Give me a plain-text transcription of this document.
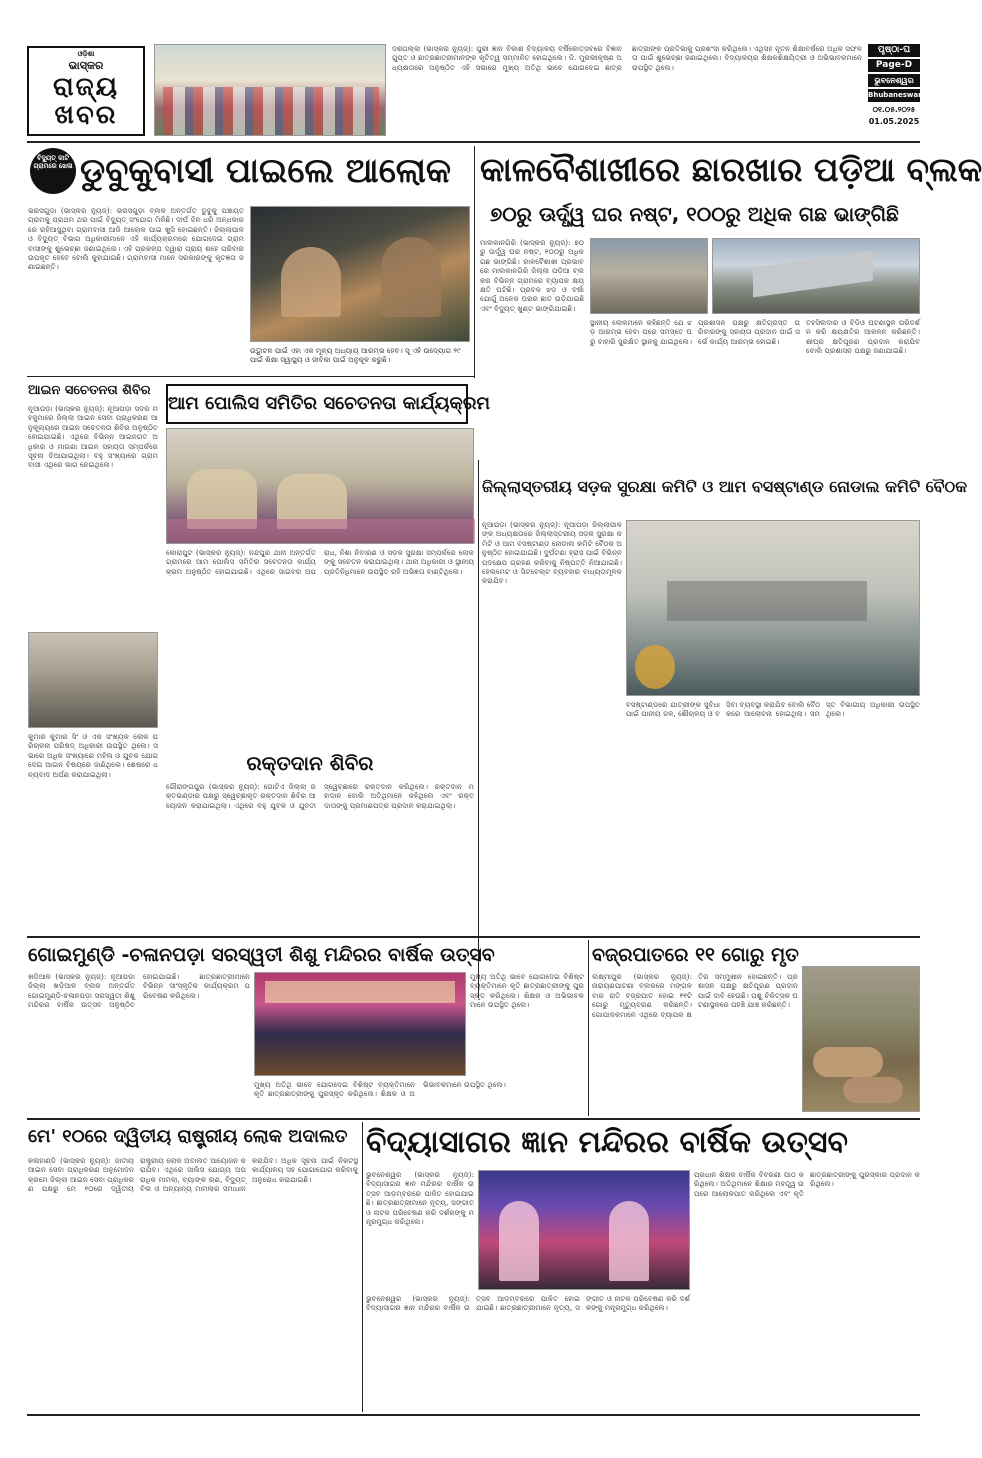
ଓଡ଼ିଶା
ଭାସ୍କର
ରାଜ୍ୟ
ଖବର
ଦଶପଲ୍ଲା (ଭାସ୍କର ନ୍ୟୁଜ୍): ପୁରୀ ଜ୍ଞାନ ବିକାଶ ବିଦ୍ୟାଳୟ ବର୍ଷିକୋତ୍ସବରେ ବିଜ୍ଞାନ ଗୁପ୍ତ ଓ ଛାତ୍ରଛାତ୍ରୀମାନଙ୍କ କୃତିତ୍ୱ ସମ୍ମାନିତ ହୋଇଥିଲେ। ଡି. ମୁରଲୀକୃଷ୍ଣ ଅଧ୍ୟକ୍ଷତାରେ ଅନୁଷ୍ଠିତ ଏହି ସଭାରେ ମୁଖ୍ୟ ଅତିଥି ଭାବେ ଯୋଗଦେଇ ଛାତ୍ରଛାତ୍ରୀଙ୍କ ପ୍ରତିଭାକୁ ପ୍ରଶଂସା କରିଥିଲେ। ଏଥିସହ ନୂତନ ଶିକ୍ଷାବର୍ଷରେ ଅଧିକ ସଫଳତା ପାଇଁ ଶୁଭେଚ୍ଛା ଜଣାଇଥିଲେ। ବିଦ୍ୟାଳୟର ଶିକ୍ଷକଶିକ୍ଷୟିତ୍ରୀ ଓ ଅଭିଭାବକମାନେ ଉପସ୍ଥିତ ଥିଲେ।
ପୃଷ୍ଠା-ଘ
Page-D
ଭୁବନେଶ୍ୱର
Bhubaneswar
୦୧.୦୫.୨୦୨୫
01.05.2025
ବିଦ୍ୟୁତ୍ କାଟି ଗ୍ରାମରେ ଖେଳା ଡୁବୁକୁବାସୀ ପାଇଲେ ଆଲୋକ
ଭରସଗୁଡ଼ା (ଭାସ୍କର ନ୍ୟୁଜ୍): ଭରସଗୁଡ଼ା ବ୍ଲକ ଅନ୍ତର୍ଗତ ଡୁବୁକୁ ପଞ୍ଚାୟତ ଗ୍ରାମକୁ ପ୍ରଥମ ଥର ପାଇଁ ବିଦ୍ୟୁତ୍ ସଂଯୋଗ ମିଳିଛି। ଦୀର୍ଘ ଦିନ ଧରି ଅନ୍ଧକାରରେ ରହିଆସୁଥିବା ଗ୍ରାମବାସୀ ଆଜି ଆଲୋକ ପାଇ ଖୁସି ହୋଇଛନ୍ତି। ଜିଲ୍ଲାପାଳ ଓ ବିଦ୍ୟୁତ୍ ବିଭାଗ ଅଧିକାରୀମାନେ ଏହି କାର୍ଯ୍ୟକ୍ରମରେ ଯୋଗଦେଇ ଗ୍ରାମବାସୀଙ୍କୁ ଶୁଭେଚ୍ଛା ଜଣାଇଥିଲେ। ଏହି ପ୍ରକଳ୍ପ ଦ୍ୱାରା ପ୍ରାୟ ଶହେ ପରିବାର ଉପକୃତ ହେବେ ବୋଲି କୁହାଯାଇଛି। ଗ୍ରାମବାସୀ ମାନେ ସରକାରଙ୍କୁ କୃତଜ୍ଞତା ଜଣାଇଛନ୍ତି।
ଉଦ୍ଘାଟନ ପାଇଁ ଏହା ଏକ ମୂଳ୍ୟ ଅଧ୍ୟାୟ ଆରମ୍ଭ ହେବ। ସୂ ଏହି ଉଦ୍ୟୋଗ ୨୯ ପାଇଁ ଶିକ୍ଷା ସ୍ୱାସ୍ଥ୍ୟ ଓ ଜୀବିକା ପାଇଁ ଅନୁକୂଳ କରୁଛି।
କାଳବୈଶାଖୀରେ ଛାରଖାର ପଡ଼ିଆ ବ୍ଲକ
୭୦ରୁ ଊର୍ଦ୍ଧ୍ୱ ଘର ନଷ୍ଟ, ୧୦୦ରୁ ଅଧିକ ଗଛ ଭାଙ୍ଗିଛି
ମାଲକାନଗିରି (ଭାସ୍କର ନ୍ୟୁଜ୍): ୭୦ରୁ ଊର୍ଦ୍ଧ୍ୱ ଘର ନଷ୍ଟ, ୧୦୦ରୁ ଅଧିକ ଗଛ ଭାଙ୍ଗିଛି। କାଳବୈଶାଖୀ ପ୍ରଭାବରେ ମାଲକାନଗିରି ଜିଲ୍ଲା ପଡ଼ିଆ ବ୍ଲକର ବିଭିନ୍ନ ଗ୍ରାମରେ ବ୍ୟାପକ କ୍ଷୟକ୍ଷତି ଘଟିଛି। ପ୍ରବଳ ଝଡ଼ ଓ ବର୍ଷା ଯୋଗୁଁ ଅନେକ ଘରର ଛାତ ଉଡ଼ିଯାଇଛି ଏବଂ ବିଦ୍ୟୁତ୍ ଖୁଣ୍ଟ ଭାଙ୍ଗିଯାଇଛି।
ସ୍ଥାନୀୟ ଲୋକମାନେ କହିଛନ୍ତି ଯେ ଝଡ଼ ଆରମ୍ଭ ହେବା ପରେ ସମସ୍ତେ ଘରୁ ବାହାରି ସୁରକ୍ଷିତ ସ୍ଥାନକୁ ଯାଇଥିଲେ। ପ୍ରଶାସନ ପକ୍ଷରୁ କ୍ଷତିଗ୍ରସ୍ତ ପରିବାରଙ୍କୁ ସହାୟତା ପ୍ରଦାନ ପାଇଁ ସର୍ଭେ କାର୍ଯ୍ୟ ଆରମ୍ଭ ହୋଇଛି।
ତହସିଲଦାର ଓ ବିଡିଓ ଘଟଣାସ୍ଥଳ ପରିଦର୍ଶନ କରି କ୍ଷୟକ୍ଷତିର ଆକଳନ କରିଛନ୍ତି। ଶୀଘ୍ର କ୍ଷତିପୂରଣ ପ୍ରଦାନ କରାଯିବ ବୋଲି ପ୍ରଶାସନ ପକ୍ଷରୁ ଜଣାଯାଇଛି।
ଆଇନ ସଚେତନତା ଶିବିର
ନୂଆପଡ଼ା (ଭାସ୍କର ନ୍ୟୁଜ୍): ନୂଆପଡ଼ା ସଦର ମହକୁମାରେ ଜିଲ୍ଲା ଆଇନ ସେବା ପ୍ରାଧିକରଣ ଆନୁକୂଲ୍ୟରେ ଆଇନ ସଚେତନତା ଶିବିର ଅନୁଷ୍ଠିତ ହୋଇଯାଇଛି। ଏଥିରେ ବିଭିନ୍ନ ଆଇନଗତ ଅଧିକାର ଓ ମାଗଣା ଆଇନ ସହାୟତା ସମ୍ପର୍କରେ ସୂଚନା ଦିଆଯାଇଥିଲା। ବହୁ ସଂଖ୍ୟାରେ ଗ୍ରାମବାସୀ ଏଥିରେ ଭାଗ ନେଇଥିଲେ।
କୁମାର କୁମାର ସିଂ ଓ ଏକ ସଂଖ୍ୟକ ଲୋକ ପରିଚାଳନା ପରିଷଦ୍ ଅଧିକାରୀ ଉପସ୍ଥିତ ଥିଲେ। ସଭାରେ ଅଧିକ ସଂଖ୍ୟାରେ ମହିଳା ଓ ଯୁବକ ଯୋଗଦେଇ ଆଇନ ବିଷୟରେ ଜାଣିଥିଲେ। ଶେଷରେ ଧନ୍ୟବାଦ ଅର୍ପଣ କରାଯାଇଥିଲା।
ଆମ ପୋଲିସ ସମିତିର ସଚେତନତା କାର୍ଯ୍ୟକ୍ରମ
କୋରାପୁଟ (ଭାସ୍କର ନ୍ୟୁଜ୍): ନନ୍ଦପୁର ଥାନା ଅନ୍ତର୍ଗତ ଗ୍ରାମରେ ଆମ ପୋଲିସ ସମିତିର ସଚେତନତା କାର୍ଯ୍ୟକ୍ରମ ଅନୁଷ୍ଠିତ ହୋଇଯାଇଛି। ଏଥିରେ ସାଇବର ଅପରାଧ, ନିଶା ନିବାରଣ ଓ ସଡ଼କ ସୁରକ୍ଷା ସମ୍ପର୍କରେ ଲୋକଙ୍କୁ ସଚେତନ କରାଯାଇଥିଲା। ଥାନା ଅଧିକାରୀ ଓ ସ୍ଥାନୀୟ ପ୍ରତିନିଧିମାନେ ଉପସ୍ଥିତ ରହି ଅଭିଜ୍ଞତା ବାଣ୍ଟିଥିଲେ।
ଜିଲ୍ଲାସ୍ତରୀୟ ସଡ଼କ ସୁରକ୍ଷା କମିଟି ଓ ଆମ ବସଷ୍ଟାଣ୍ଡ ନୋଡାଲ କମିଟି ବୈଠକ
ନୂଆପଡ଼ା (ଭାସ୍କର ନ୍ୟୁଜ୍): ନୂଆପଡ଼ା ଜିଲ୍ଲାପାଳଙ୍କ ଅଧ୍ୟକ୍ଷତାରେ ଜିଲ୍ଲାସ୍ତରୀୟ ସଡ଼କ ସୁରକ୍ଷା କମିଟି ଓ ଆମ ବସଷ୍ଟାଣ୍ଡ ନୋଡାଲ କମିଟି ବୈଠକ ଅନୁଷ୍ଠିତ ହୋଇଯାଇଛି। ଦୁର୍ଘଟଣା ହ୍ରାସ ପାଇଁ ବିଭିନ୍ନ ପଦକ୍ଷେପ ଗ୍ରହଣ କରିବାକୁ ନିଷ୍ପତ୍ତି ନିଆଯାଇଛି। ହେଲମେଟ ଓ ସିଟବେଲ୍ଟ ବ୍ୟବହାର ବାଧ୍ୟତାମୂଳକ କରାଯିବ।
ବସଷ୍ଟାଣ୍ଡରେ ଯାତ୍ରୀଙ୍କ ସୁବିଧା ପାଇଁ ପାନୀୟ ଜଳ, ଶୌଚାଳୟ ଓ ବସିବା ବ୍ୟବସ୍ଥା କରାଯିବ ବୋଲି ବୈଠକରେ ଆଲୋଚନା ହୋଇଥିଲା। ସମସ୍ତ ବିଭାଗୀୟ ଅଧିକାରୀ ଉପସ୍ଥିତ ଥିଲେ।
ରକ୍ତଦାନ ଶିବିର
ଗୌରାଙ୍ଗପୁର (ଭାସ୍କର ନ୍ୟୁଜ୍): ଗୋଟିଏ ଜିଲ୍ଲା ରକ୍ତଭଣ୍ଡାର ପକ୍ଷରୁ ସ୍ୱେଚ୍ଛାକୃତ ରକ୍ତଦାନ ଶିବିର ଆୟୋଜନ କରାଯାଇଥିଲା। ଏଥିରେ ବହୁ ଯୁବକ ଓ ଯୁବତୀ ସ୍ୱେଚ୍ଛାରେ ରକ୍ତଦାନ କରିଥିଲେ। ରକ୍ତଦାନ ମହାଦାନ ବୋଲି ଅତିଥିମାନେ କହିଥିଲେ ଏବଂ ରକ୍ତଦାତାଙ୍କୁ ପ୍ରମାଣପତ୍ର ପ୍ରଦାନ କରାଯାଇଥିଲା।
ଗୋଇମୁଣ୍ଡି -ଚଳାନପଡ଼ା ସରସ୍ୱତୀ ଶିଶୁ ମନ୍ଦିରର ବାର୍ଷିକ ଉତ୍ସବ
ଖଡ଼ିଆଳ (ଭାସ୍କର ନ୍ୟୁଜ୍): ନୂଆପଡ଼ା ଜିଲ୍ଲା ଖଡ଼ିଆଳ ବ୍ଲକ ଅନ୍ତର୍ଗତ ଗୋଇମୁଣ୍ଡି-ଚଳାନପଡ଼ା ସରସ୍ୱତୀ ଶିଶୁ ମନ୍ଦିରର ବାର୍ଷିକ ଉତ୍ସବ ଅନୁଷ୍ଠିତ ହୋଇଯାଇଛି। ଛାତ୍ରଛାତ୍ରୀମାନେ ବିଭିନ୍ନ ସାଂସ୍କୃତିକ କାର୍ଯ୍ୟକ୍ରମ ପରିବେଷଣ କରିଥିଲେ।
ମୁଖ୍ୟ ଅତିଥି ଭାବେ ଯୋଗଦେଇ ବିଶିଷ୍ଟ ବ୍ୟକ୍ତିମାନେ କୃତି ଛାତ୍ରଛାତ୍ରୀଙ୍କୁ ପୁରସ୍କୃତ କରିଥିଲେ। ଶିକ୍ଷକ ଓ ଅଭିଭାବକମାନେ ଉପସ୍ଥିତ ଥିଲେ।
ମୁଖ୍ୟ ଅତିଥି ଭାବେ ଯୋଗଦେଇ ବିଶିଷ୍ଟ ବ୍ୟକ୍ତିମାନେ କୃତି ଛାତ୍ରଛାତ୍ରୀଙ୍କୁ ପୁରସ୍କୃତ କରିଥିଲେ। ଶିକ୍ଷକ ଓ ଅଭିଭାବକମାନେ ଉପସ୍ଥିତ ଥିଲେ।
ବଜ୍ରପାତରେ ୧୧ ଗୋରୁ ମୃତ
ଲକ୍ଷ୍ମୀପୁର (ଭାସ୍କର ନ୍ୟୁଜ୍): ନାରାୟଣପାଟଣା ବ୍ଲକରେ ମଙ୍ଗଳବାର ରାତି ବଜ୍ରପାତ ହୋଇ ୧୧ଟି ଗୋରୁ ମୃତ୍ୟୁବରଣ କରିଛନ୍ତି। ଗୋପାଳକମାନେ ଏଥିରେ ବ୍ୟାପକ କ୍ଷତିର ସମ୍ମୁଖୀନ ହୋଇଛନ୍ତି। ପ୍ରଶାସନ ପକ୍ଷରୁ କ୍ଷତିପୂରଣ ପ୍ରଦାନ ପାଇଁ ଦାବି ହେଉଛି। ପଶୁ ଚିକିତ୍ସକ ଘଟଣାସ୍ଥଳରେ ପହଞ୍ଚି ଯାଞ୍ଚ କରିଛନ୍ତି।
ମେ' ୧୦ରେ ଦ୍ୱିତୀୟ ରାଷ୍ଟ୍ରୀୟ ଲୋକ ଅଦାଲତ
କଳାହାଣ୍ଡି (ଭାସ୍କର ନ୍ୟୁଜ୍): ଜାତୀୟ ଆଇନ ସେବା ପ୍ରାଧିକରଣ ଅନୁମୋଦନ କ୍ରମେ ଜିଲ୍ଲା ଆଇନ ସେବା ପ୍ରାଧିକରଣ ପକ୍ଷରୁ ମେ ୧୦ରେ ଦ୍ୱିତୀୟ ରାଷ୍ଟ୍ରୀୟ ଲୋକ ଅଦାଲତ ଆୟୋଜନ କରାଯିବ। ଏଥିରେ ସାଲିସ ଯୋଗ୍ୟ ଅପରାଧିକ ମାମଲା, ବ୍ୟାଙ୍କ ଋଣ, ବିଦ୍ୟୁତ୍ ବିଲ ଓ ଅନ୍ୟାନ୍ୟ ମାମଲାର ସମାଧାନ କରାଯିବ। ଅଧିକ ସୂଚନା ପାଇଁ ନିକଟସ୍ଥ କାର୍ଯ୍ୟାଳୟ ସହ ଯୋଗାଯୋଗ କରିବାକୁ ଅନୁରୋଧ କରାଯାଇଛି।
ବିଦ୍ୟାସାଗର ଜ୍ଞାନ ମନ୍ଦିରର ବାର୍ଷିକ ଉତ୍ସବ
ଭୁବନେଶ୍ୱର (ଭାସ୍କର ନ୍ୟୁଜ୍): ବିଦ୍ୟାସାଗର ଜ୍ଞାନ ମନ୍ଦିରର ବାର୍ଷିକ ଉତ୍ସବ ଆଡ଼ମ୍ବରରେ ପାଳିତ ହୋଇଯାଇଛି। ଛାତ୍ରଛାତ୍ରୀମାନେ ନୃତ୍ୟ, ସଙ୍ଗୀତ ଓ ନାଟକ ପରିବେଷଣ କରି ଦର୍ଶକଙ୍କୁ ମନ୍ତ୍ରମୁଗ୍ଧ କରିଥିଲେ।
ପ୍ରଧାନ ଶିକ୍ଷକ ବାର୍ଷିକ ବିବରଣୀ ପାଠ କରିଥିଲେ। ଅତିଥିମାନେ ଶିକ୍ଷାର ମହତ୍ତ୍ୱ ଉପରେ ଆଲୋକପାତ କରିଥିଲେ ଏବଂ କୃତି ଛାତ୍ରଛାତ୍ରୀଙ୍କୁ ପୁରସ୍କାର ପ୍ରଦାନ କରିଥିଲେ।
ଭୁବନେଶ୍ୱର (ଭାସ୍କର ନ୍ୟୁଜ୍): ବିଦ୍ୟାସାଗର ଜ୍ଞାନ ମନ୍ଦିରର ବାର୍ଷିକ ଉତ୍ସବ ଆଡ଼ମ୍ବରରେ ପାଳିତ ହୋଇଯାଇଛି। ଛାତ୍ରଛାତ୍ରୀମାନେ ନୃତ୍ୟ, ସଙ୍ଗୀତ ଓ ନାଟକ ପରିବେଷଣ କରି ଦର୍ଶକଙ୍କୁ ମନ୍ତ୍ରମୁଗ୍ଧ କରିଥିଲେ।
